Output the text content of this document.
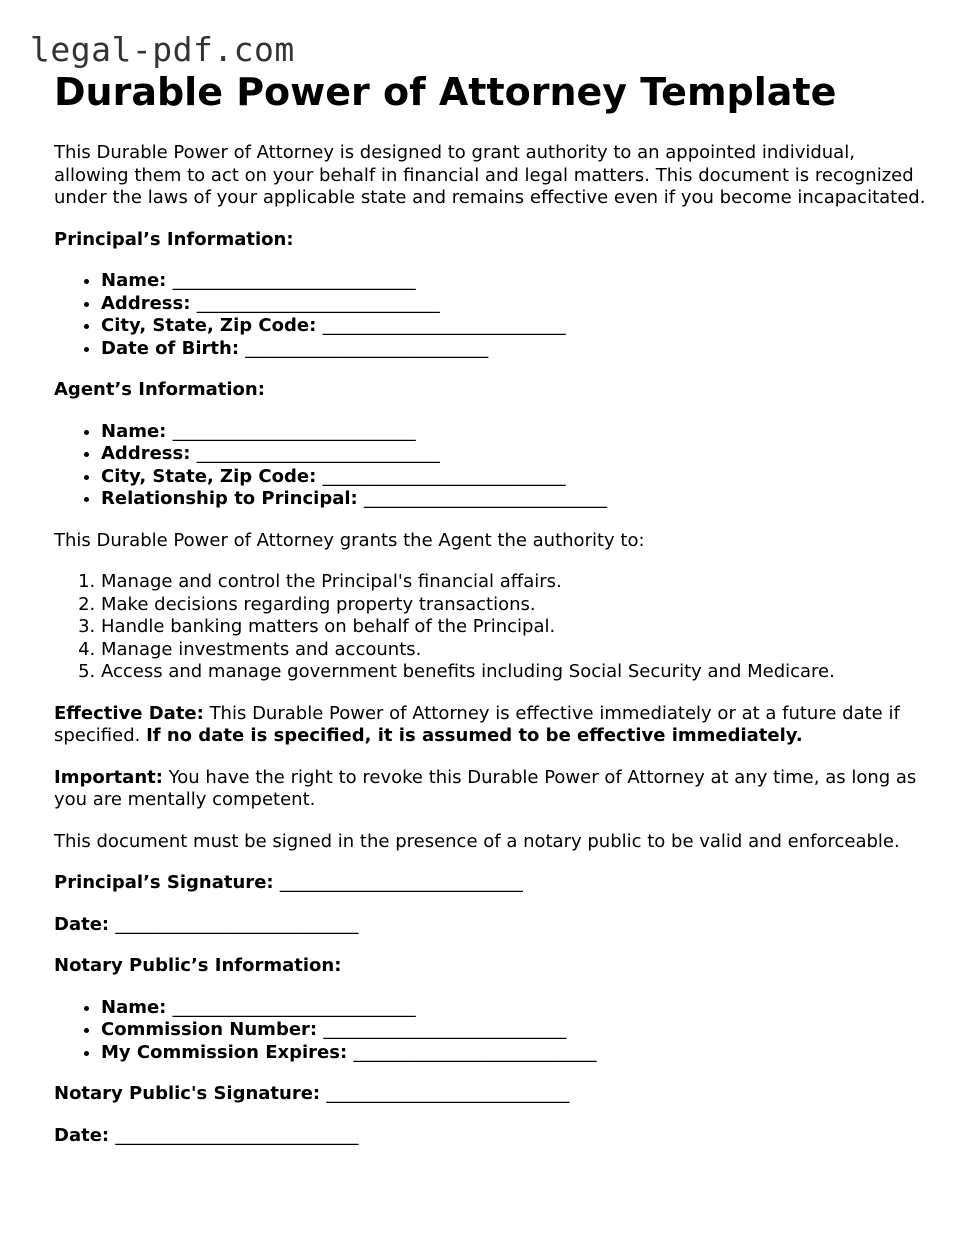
legal-pdf.com
Durable Power of Attorney Template

This Durable Power of Attorney is designed to grant authority to an appointed individual, allowing them to act on your behalf in financial and legal matters. This document is recognized under the laws of your applicable state and remains effective even if you become incapacitated.

Principal’s Information:

• Name: ___________________________
• Address: ___________________________
• City, State, Zip Code: ___________________________
• Date of Birth: ___________________________

Agent’s Information:

• Name: ___________________________
• Address: ___________________________
• City, State, Zip Code: ___________________________
• Relationship to Principal: ___________________________

This Durable Power of Attorney grants the Agent the authority to:

1. Manage and control the Principal's financial affairs.
2. Make decisions regarding property transactions.
3. Handle banking matters on behalf of the Principal.
4. Manage investments and accounts.
5. Access and manage government benefits including Social Security and Medicare.

Effective Date: This Durable Power of Attorney is effective immediately or at a future date if specified. If no date is specified, it is assumed to be effective immediately.

Important: You have the right to revoke this Durable Power of Attorney at any time, as long as you are mentally competent.

This document must be signed in the presence of a notary public to be valid and enforceable.

Principal’s Signature: ___________________________

Date: ___________________________

Notary Public’s Information:

• Name: ___________________________
• Commission Number: ___________________________
• My Commission Expires: ___________________________

Notary Public's Signature: ___________________________

Date: ___________________________
